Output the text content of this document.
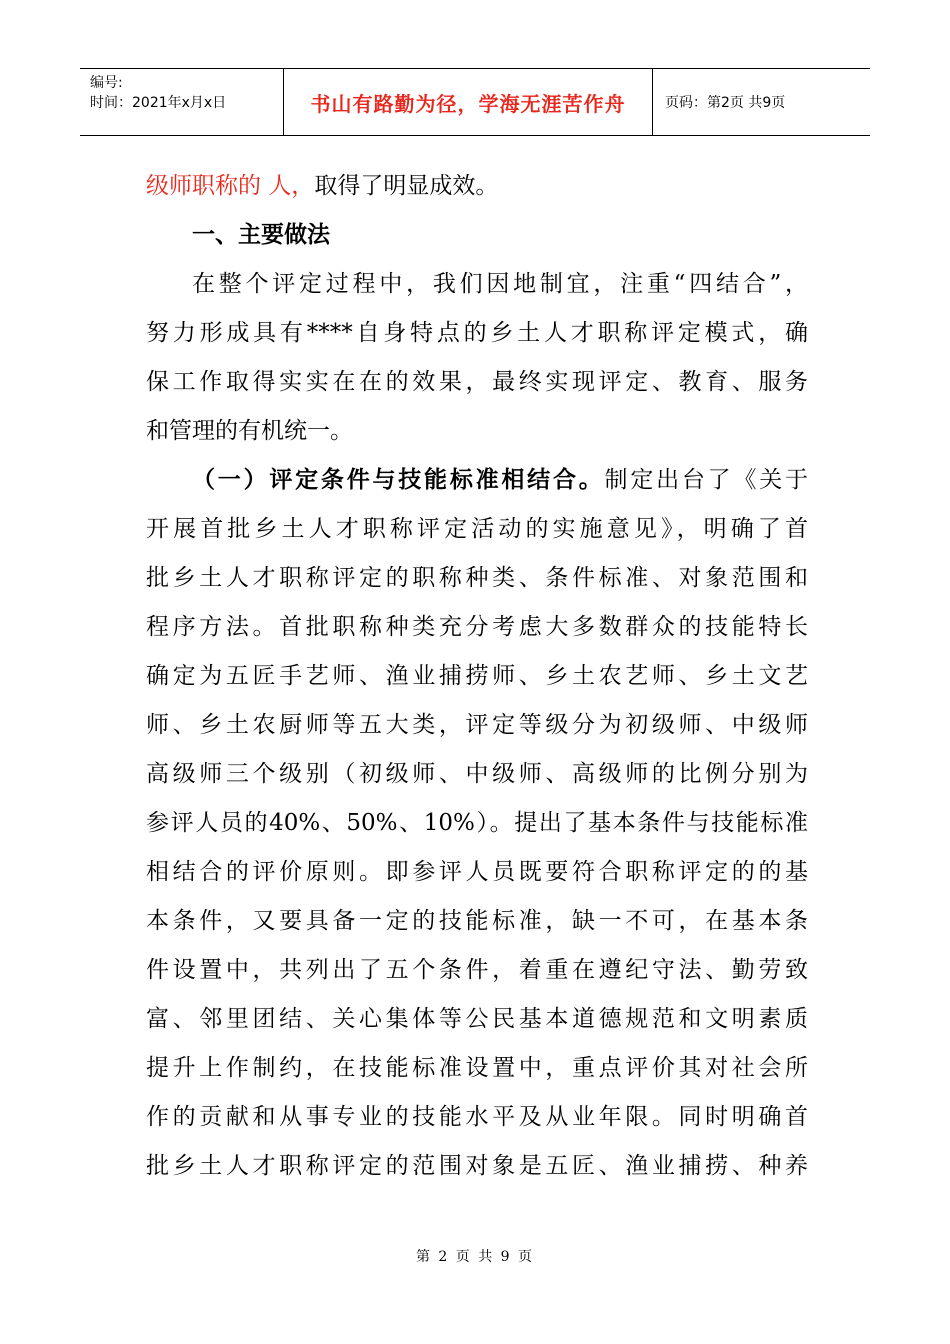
编号:
时间：2021年x月x日	书山有路勤为径，学海无涯苦作舟	页码：第2页 共9页
级师职称的 人，取得了明显成效。
一、主要做法
在整个评定过程中，我们因地制宜，注重“四结合”，
努力形成具有****自身特点的乡土人才职称评定模式，确
保工作取得实实在在的效果，最终实现评定、教育、服务
和管理的有机统一。
（一）评定条件与技能标准相结合。制定出台了《关于
开展首批乡土人才职称评定活动的实施意见》，明确了首
批乡土人才职称评定的职称种类、条件标准、对象范围和
程序方法。首批职称种类充分考虑大多数群众的技能特长
确定为五匠手艺师、渔业捕捞师、乡土农艺师、乡土文艺
师、乡土农厨师等五大类，评定等级分为初级师、中级师
高级师三个级别（初级师、中级师、高级师的比例分别为
参评人员的40%、50%、10%）。提出了基本条件与技能标准
相结合的评价原则。即参评人员既要符合职称评定的的基
本条件，又要具备一定的技能标准，缺一不可，在基本条
件设置中，共列出了五个条件，着重在遵纪守法、勤劳致
富、邻里团结、关心集体等公民基本道德规范和文明素质
提升上作制约，在技能标准设置中，重点评价其对社会所
作的贡献和从事专业的技能水平及从业年限。同时明确首
批乡土人才职称评定的范围对象是五匠、渔业捕捞、种养
第 2 页 共 9 页
